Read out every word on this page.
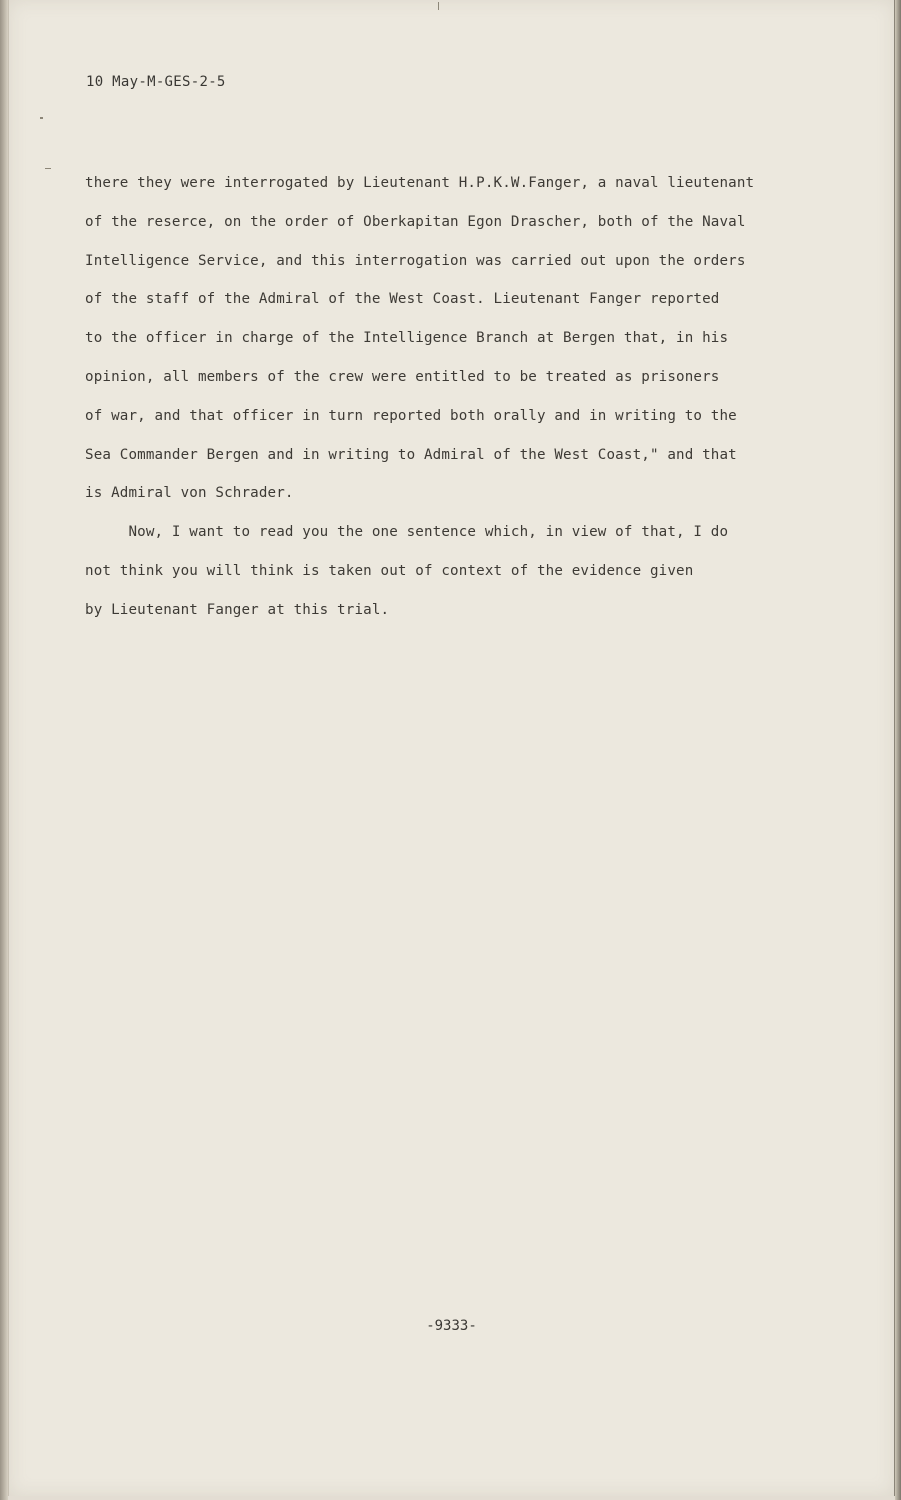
10 May-M-GES-2-5
there they were interrogated by Lieutenant H.P.K.W.Fanger, a naval lieutenant
of the reserce, on the order of Oberkapitan Egon Drascher, both of the Naval
Intelligence Service, and this interrogation was carried out upon the orders
of the staff of the Admiral of the West Coast. Lieutenant Fanger reported
to the officer in charge of the Intelligence Branch at Bergen that, in his
opinion, all members of the crew were entitled to be treated as prisoners
of war, and that officer in turn reported both orally and in writing to the
Sea Commander Bergen and in writing to Admiral of the West Coast," and that
is Admiral von Schrader.
Now, I want to read you the one sentence which, in view of that, I do
not think you will think is taken out of context of the evidence given
by Lieutenant Fanger at this trial.
-9333-
